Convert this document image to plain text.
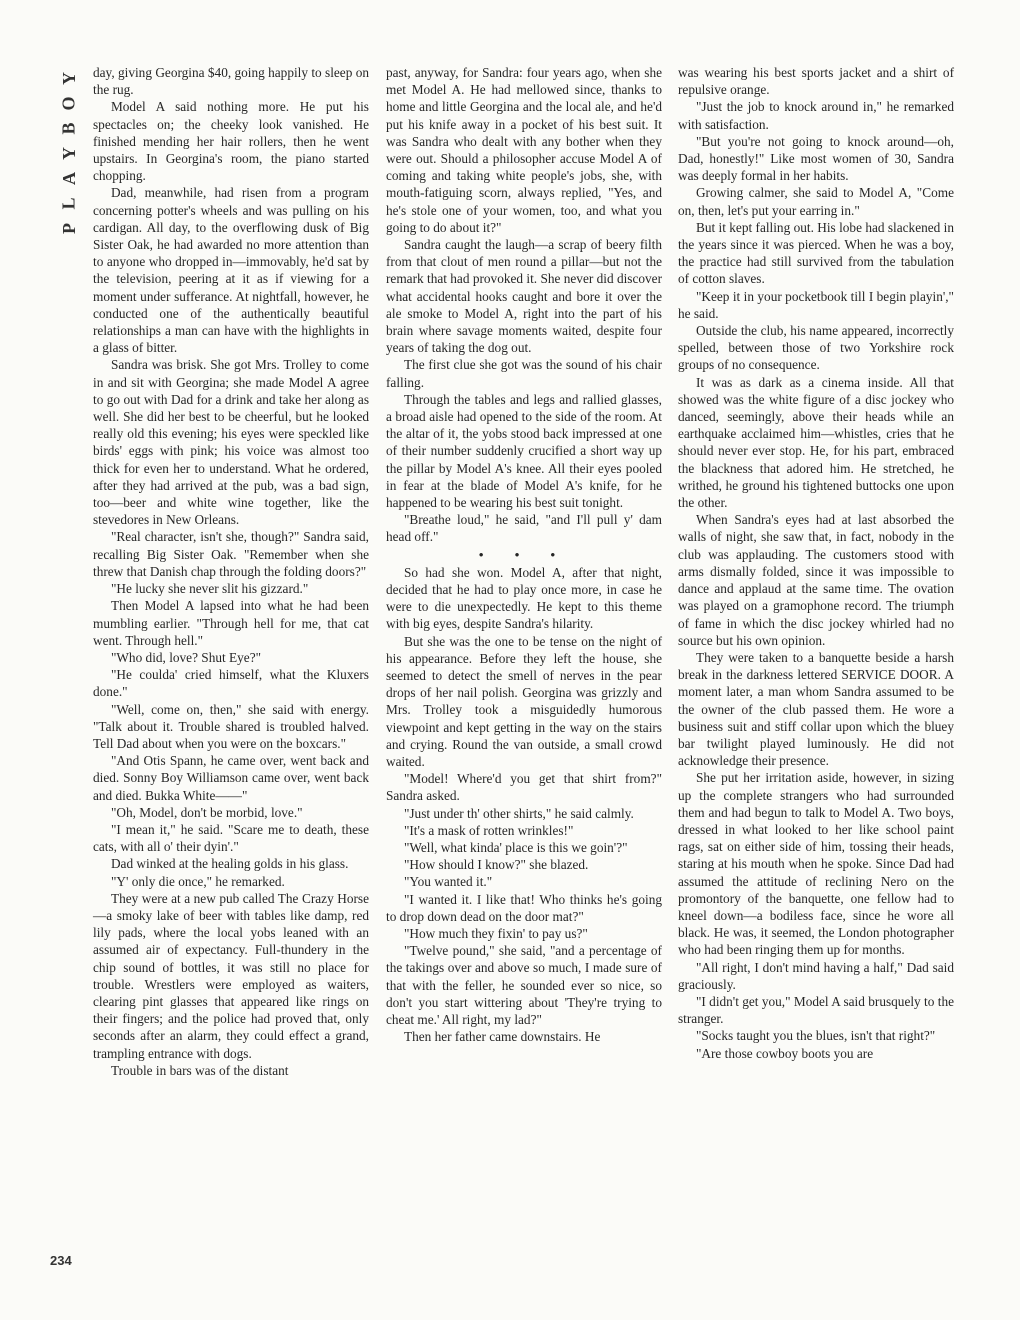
Y
O
B
Y
A
L
P

day, giving Georgina $40, going happily to sleep on the rug.

Model A said nothing more. He put his spectacles on; the cheeky look vanished. He finished mending her hair rollers, then he went upstairs. In Georgina's room, the piano started chopping.

Dad, meanwhile, had risen from a program concerning potter's wheels and was pulling on his cardigan. All day, to the overflowing dusk of Big Sister Oak, he had awarded no more attention than to anyone who dropped in—immovably, he'd sat by the television, peering at it as if viewing for a moment under sufferance. At nightfall, however, he conducted one of the authentically beautiful relationships a man can have with the highlights in a glass of bitter.

Sandra was brisk. She got Mrs. Trolley to come in and sit with Georgina; she made Model A agree to go out with Dad for a drink and take her along as well. She did her best to be cheerful, but he looked really old this evening; his eyes were speckled like birds' eggs with pink; his voice was almost too thick for even her to understand. What he ordered, after they had arrived at the pub, was a bad sign, too—beer and white wine together, like the stevedores in New Orleans.

"Real character, isn't she, though?" Sandra said, recalling Big Sister Oak. "Remember when she threw that Danish chap through the folding doors?"

"He lucky she never slit his gizzard."

Then Model A lapsed into what he had been mumbling earlier. "Through hell for me, that cat went. Through hell."

"Who did, love? Shut Eye?"

"He coulda' cried himself, what the Kluxers done."

"Well, come on, then," she said with energy. "Talk about it. Trouble shared is troubled halved. Tell Dad about when you were on the boxcars."

"And Otis Spann, he came over, went back and died. Sonny Boy Williamson came over, went back and died. Bukka White——"

"Oh, Model, don't be morbid, love."

"I mean it," he said. "Scare me to death, these cats, with all o' their dyin'."

Dad winked at the healing golds in his glass.

"Y' only die once," he remarked.

They were at a new pub called The Crazy Horse—a smoky lake of beer with tables like damp, red lily pads, where the local yobs leaned with an assumed air of expectancy. Full-thundery in the chip sound of bottles, it was still no place for trouble. Wrestlers were employed as waiters, clearing pint glasses that appeared like rings on their fingers; and the police had proved that, only seconds after an alarm, they could effect a grand, trampling entrance with dogs.

Trouble in bars was of the distant

past, anyway, for Sandra: four years ago, when she met Model A. He had mellowed since, thanks to home and little Georgina and the local ale, and he'd put his knife away in a pocket of his best suit. It was Sandra who dealt with any bother when they were out. Should a philosopher accuse Model A of coming and taking white people's jobs, she, with mouth-fatiguing scorn, always replied, "Yes, and he's stole one of your women, too, and what you going to do about it?"

Sandra caught the laugh—a scrap of beery filth from that clout of men round a pillar—but not the remark that had provoked it. She never did discover what accidental hooks caught and bore it over the ale smoke to Model A, right into the part of his brain where savage moments waited, despite four years of taking the dog out.

The first clue she got was the sound of his chair falling.

Through the tables and legs and rallied glasses, a broad aisle had opened to the side of the room. At the altar of it, the yobs stood back impressed at one of their number suddenly crucified a short way up the pillar by Model A's knee. All their eyes pooled in fear at the blade of Model A's knife, for he happened to be wearing his best suit tonight.

"Breathe loud," he said, "and I'll pull y' dam head off."

• • •

So had she won. Model A, after that night, decided that he had to play once more, in case he were to die unexpectedly. He kept to this theme with big eyes, despite Sandra's hilarity.

But she was the one to be tense on the night of his appearance. Before they left the house, she seemed to detect the smell of nerves in the pear drops of her nail polish. Georgina was grizzly and Mrs. Trolley took a misguidedly humorous viewpoint and kept getting in the way on the stairs and crying. Round the van outside, a small crowd waited.

"Model! Where'd you get that shirt from?" Sandra asked.

"Just under th' other shirts," he said calmly.

"It's a mask of rotten wrinkles!"

"Well, what kinda' place is this we goin'?"

"How should I know?" she blazed.

"You wanted it."

"I wanted it. I like that! Who thinks he's going to drop down dead on the door mat?"

"How much they fixin' to pay us?"

"Twelve pound," she said, "and a percentage of the takings over and above so much, I made sure of that with the feller, he sounded ever so nice, so don't you start wittering about 'They're trying to cheat me.' All right, my lad?"

Then her father came downstairs. He

was wearing his best sports jacket and a shirt of repulsive orange.

"Just the job to knock around in," he remarked with satisfaction.

"But you're not going to knock around—oh, Dad, honestly!" Like most women of 30, Sandra was deeply formal in her habits.

Growing calmer, she said to Model A, "Come on, then, let's put your earring in."

But it kept falling out. His lobe had slackened in the years since it was pierced. When he was a boy, the practice had still survived from the tabulation of cotton slaves.

"Keep it in your pocketbook till I begin playin'," he said.

Outside the club, his name appeared, incorrectly spelled, between those of two Yorkshire rock groups of no consequence.

It was as dark as a cinema inside. All that showed was the white figure of a disc jockey who danced, seemingly, above their heads while an earthquake acclaimed him—whistles, cries that he should never ever stop. He, for his part, embraced the blackness that adored him. He stretched, he writhed, he ground his tightened buttocks one upon the other.

When Sandra's eyes had at last absorbed the walls of night, she saw that, in fact, nobody in the club was applauding. The customers stood with arms dismally folded, since it was impossible to dance and applaud at the same time. The ovation was played on a gramophone record. The triumph of fame in which the disc jockey whirled had no source but his own opinion.

They were taken to a banquette beside a harsh break in the darkness lettered SERVICE DOOR. A moment later, a man whom Sandra assumed to be the owner of the club passed them. He wore a business suit and stiff collar upon which the bluey bar twilight played luminously. He did not acknowledge their presence.

She put her irritation aside, however, in sizing up the complete strangers who had surrounded them and had begun to talk to Model A. Two boys, dressed in what looked to her like school paint rags, sat on either side of him, tossing their heads, staring at his mouth when he spoke. Since Dad had assumed the attitude of reclining Nero on the promontory of the banquette, one fellow had to kneel down—a bodiless face, since he wore all black. He was, it seemed, the London photographer who had been ringing them up for months.

"All right, I don't mind having a half," Dad said graciously.

"I didn't get you," Model A said brusquely to the stranger.

"Socks taught you the blues, isn't that right?"

"Are those cowboy boots you are

234
